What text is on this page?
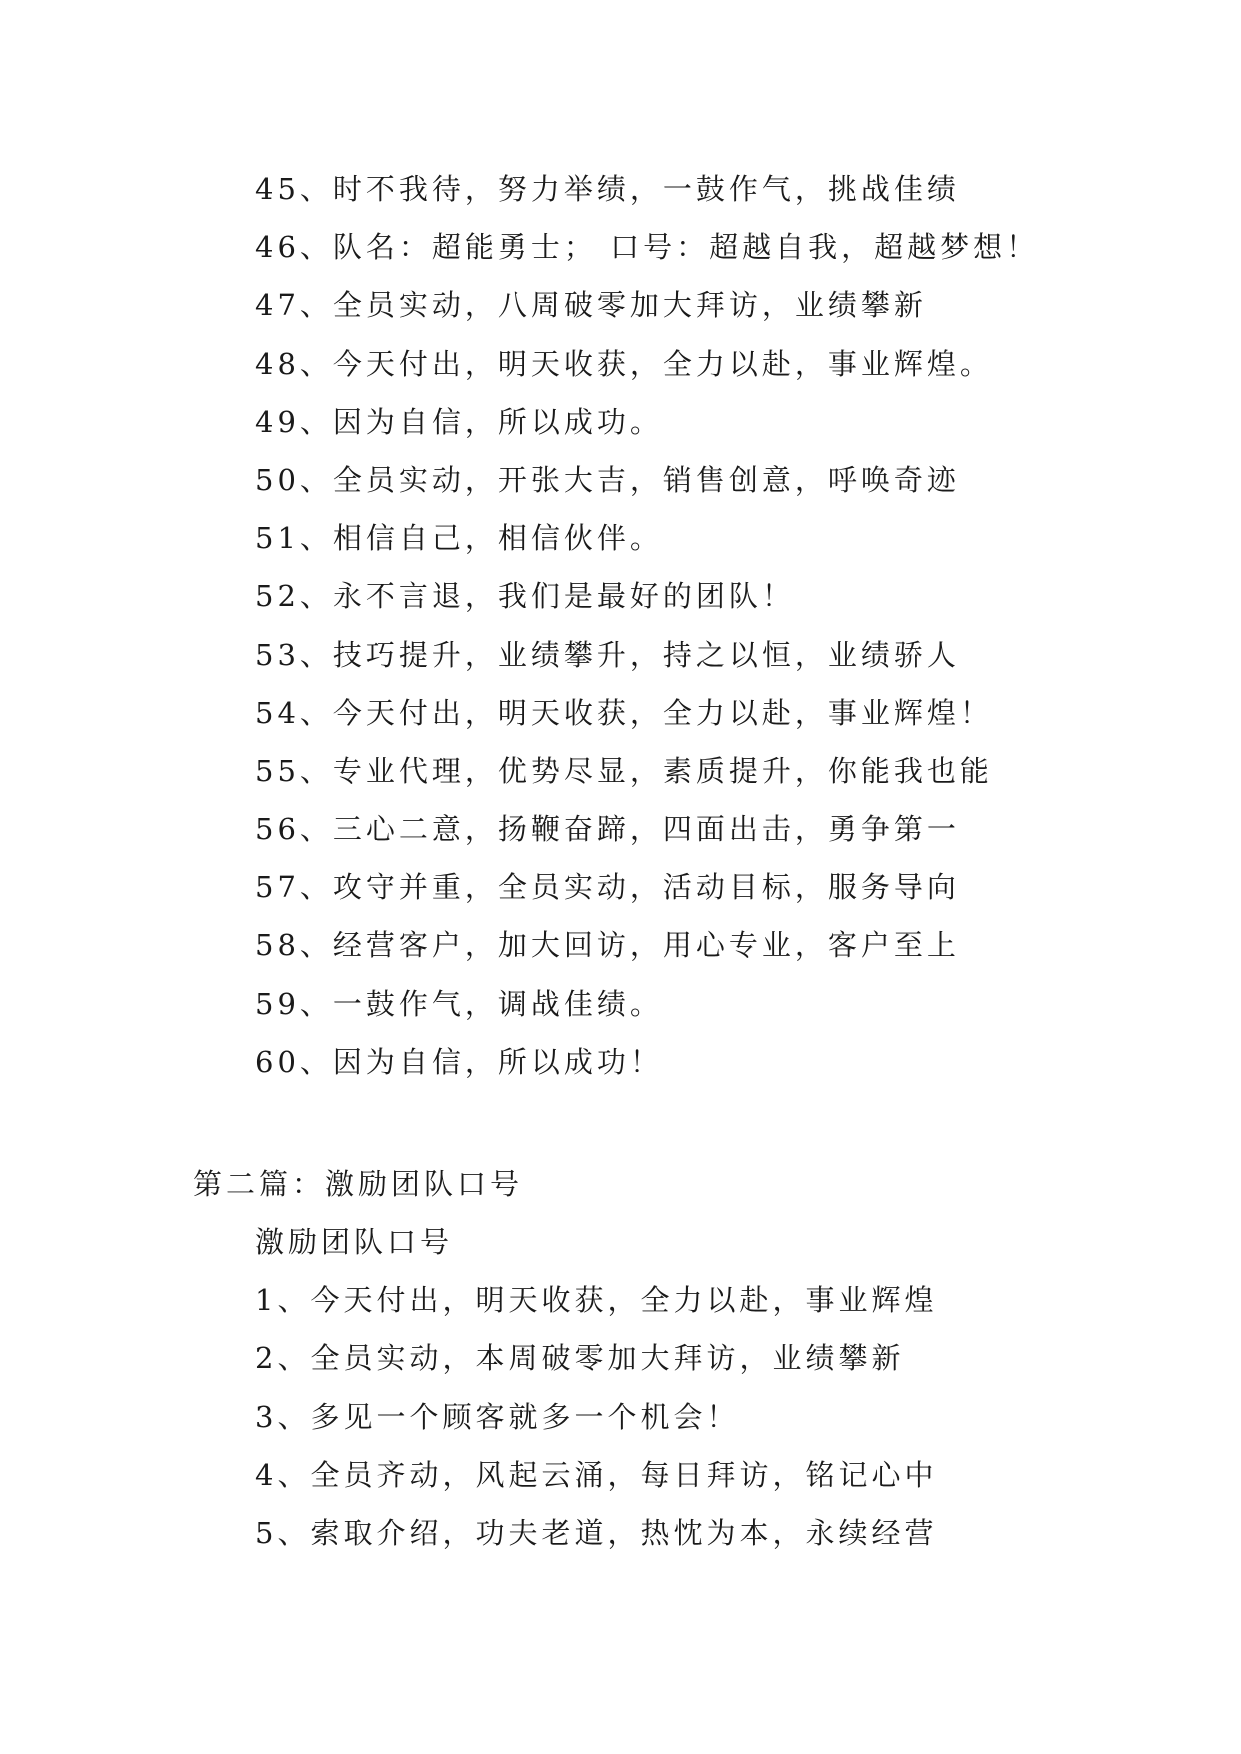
45、时不我待，努力举绩，一鼓作气，挑战佳绩
46、队名：超能勇士； 口号：超越自我，超越梦想！
47、全员实动，八周破零加大拜访，业绩攀新
48、今天付出，明天收获，全力以赴，事业辉煌。
49、因为自信，所以成功。
50、全员实动，开张大吉，销售创意，呼唤奇迹
51、相信自己，相信伙伴。
52、永不言退，我们是最好的团队！
53、技巧提升，业绩攀升，持之以恒，业绩骄人
54、今天付出，明天收获，全力以赴，事业辉煌！
55、专业代理，优势尽显，素质提升，你能我也能
56、三心二意，扬鞭奋蹄，四面出击，勇争第一
57、攻守并重，全员实动，活动目标，服务导向
58、经营客户，加大回访，用心专业，客户至上
59、一鼓作气，调战佳绩。
60、因为自信，所以成功！
第二篇：激励团队口号
激励团队口号
1、今天付出，明天收获，全力以赴，事业辉煌
2、全员实动，本周破零加大拜访，业绩攀新
3、多见一个顾客就多一个机会！
4、全员齐动，风起云涌，每日拜访，铭记心中
5、索取介绍，功夫老道，热忱为本，永续经营
